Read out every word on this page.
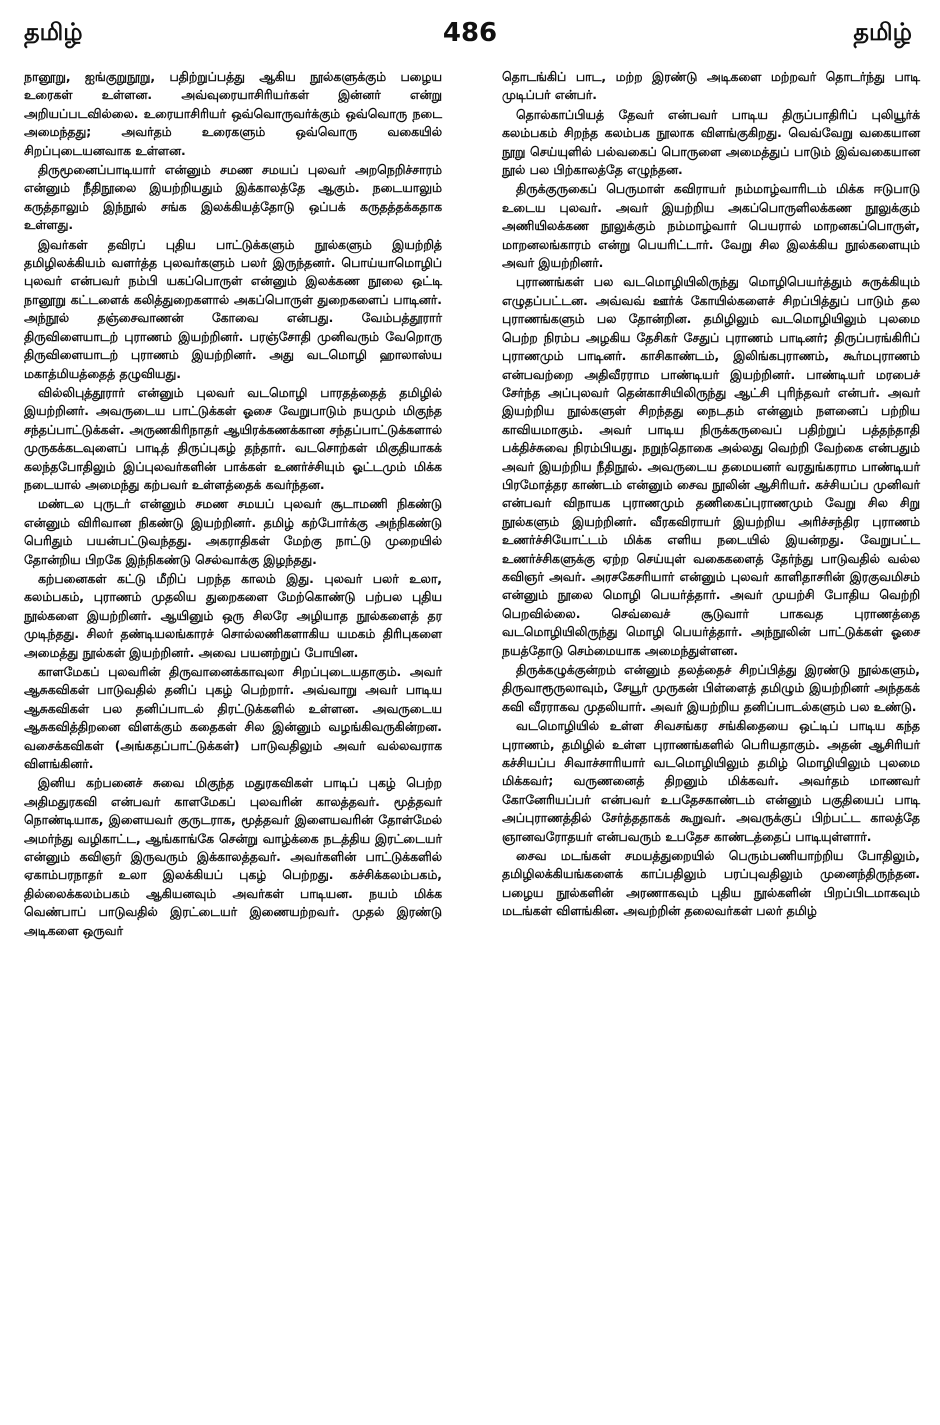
தமிழ்	486	தமிழ்

நானூறு, ஐங்குறுநூறு, பதிற்றுப்பத்து ஆகிய நூல்களுக்கும் பழைய உரைகள் உள்ளன. அவ்வுரையாசிரியர்கள் இன்னர் என்று அறியப்படவில்லை. உரையாசிரியர் ஒவ்வொருவர்க்கும் ஒவ்வொரு நடை அமைந்தது; அவர்தம் உரைகளும் ஒவ்வொரு வகையில் சிறப்புடையனவாக உள்ளன.

திருமூனைப்பாடியார் என்னும் சமண சமயப் புலவர் அறநெறிச்சாரம் என்னும் நீதிநூலை இயற்றியதும் இக்காலத்தே ஆகும். நடையாலும் கருத்தாலும் இந்நூல் சங்க இலக்கியத்தோடு ஒப்பக் கருதத்தக்கதாக உள்ளது.

இவர்கள் தவிரப் புதிய பாட்டுக்களும் நூல்களும் இயற்றித் தமிழிலக்கியம் வளர்த்த புலவர்களும் பலர் இருந்தனர். பொய்யாமொழிப் புலவர் என்பவர் நம்பி யகப்பொருள் என்னும் இலக்கண நூலை ஒட்டி நானூறு கட்டளைக் கலித்துறைகளால் அகப்பொருள் துறைகளைப் பாடினர். அந்நூல் தஞ்சைவாணன் கோவை என்பது. வேம்பத்தூரார் திருவிளையாடற் புராணம் இயற்றினர். பரஞ்சோதி முனிவரும் வேறொரு திருவிளையாடற் புராணம் இயற்றினர். அது வடமொழி ஹாலாஸ்ய மகாத்மியத்தைத் தழுவியது.

வில்லிபுத்தூரார் என்னும் புலவர் வடமொழி பாரதத்தைத் தமிழில் இயற்றினர். அவருடைய பாட்டுக்கள் ஓசை வேறுபாடும் நயமும் மிகுந்த சந்தப்பாட்டுக்கள். அருணகிரிநாதர் ஆயிரக்கணக்கான சந்தப்பாட்டுக்களால் முருகக்கடவுளைப் பாடித் திருப்புகழ் தந்தார். வடசொற்கள் மிகுதியாகக் கலந்தபோதிலும் இப்புலவர்களின் பாக்கள் உணர்ச்சியும் ஓட்டமும் மிக்க நடையால் அமைந்து கற்பவர் உள்ளத்தைக் கவர்ந்தன.

மண்டல புருடர் என்னும் சமண சமயப் புலவர் சூடாமணி நிகண்டு என்னும் விரிவான நிகண்டு இயற்றினர். தமிழ் கற்போர்க்கு அந்நிகண்டு பெரிதும் பயன்பட்டுவந்தது. அகராதிகள் மேற்கு நாட்டு முறையில் தோன்றிய பிறகே இந்நிகண்டு செல்வாக்கு இழந்தது.

கற்பனைகள் கட்டு மீறிப் பறந்த காலம் இது. புலவர் பலர் உலா, கலம்பகம், புராணம் முதலிய துறைகளை மேற்கொண்டு பற்பல புதிய நூல்களை இயற்றினர். ஆயினும் ஒரு சிலரே அழியாத நூல்களைத் தர முடிந்தது. சிலர் தண்டியலங்காரச் சொல்லணிகளாகிய யமகம் திரிபுகளை அமைத்து நூல்கள் இயற்றினர். அவை பயனற்றுப் போயின.

காளமேகப் புலவரின் திருவானைக்காவுலா சிறப்புடையதாகும். அவர் ஆசுகவிகள் பாடுவதில் தனிப் புகழ் பெற்றார். அவ்வாறு அவர் பாடிய ஆசுகவிகள் பல தனிப்பாடல் திரட்டுக்களில் உள்ளன. அவருடைய ஆசுகவித்திறனை விளக்கும் கதைகள் சில இன்னும் வழங்கிவருகின்றன. வசைக்கவிகள் (அங்கதப்பாட்டுக்கள்) பாடுவதிலும் அவர் வல்லவராக விளங்கினர்.

இனிய கற்பனைச் சுவை மிகுந்த மதுரகவிகள் பாடிப் புகழ் பெற்ற அதிமதுரகவி என்பவர் காளமேகப் புலவரின் காலத்தவர். மூத்தவர் நொண்டியாக, இளையவர் குருடராக, மூத்தவர் இளையவரின் தோள்மேல் அமர்ந்து வழிகாட்ட, ஆங்காங்கே சென்று வாழ்க்கை நடத்திய இரட்டையர் என்னும் கவிஞர் இருவரும் இக்காலத்தவர். அவர்களின் பாட்டுக்களில் ஏகாம்பரநாதர் உலா இலக்கியப் புகழ் பெற்றது. கச்சிக்கலம்பகம், தில்லைக்கலம்பகம் ஆகியனவும் அவர்கள் பாடியன. நயம் மிக்க வெண்பாப் பாடுவதில் இரட்டையர் இணையற்றவர். முதல் இரண்டு அடிகளை ஒருவர்

தொடங்கிப் பாட, மற்ற இரண்டு அடிகளை மற்றவர் தொடர்ந்து பாடி முடிப்பர் என்பர்.

தொல்காப்பியத் தேவர் என்பவர் பாடிய திருப்பாதிரிப் புலியூர்க் கலம்பகம் சிறந்த கலம்பக நூலாக விளங்குகிறது. வெவ்வேறு வகையான நூறு செய்யுளில் பல்வகைப் பொருளை அமைத்துப் பாடும் இவ்வகையான நூல் பல பிற்காலத்தே எழுந்தன.

திருக்குருகைப் பெருமாள் கவிராயர் நம்மாழ்வாரிடம் மிக்க ஈடுபாடு உடைய புலவர். அவர் இயற்றிய அகப்பொருளிலக்கண நூலுக்கும் அணியிலக்கண நூலுக்கும் நம்மாழ்வார் பெயரால் மாறனகப்பொருள், மாறனலங்காரம் என்று பெயரிட்டார். வேறு சில இலக்கிய நூல்களையும் அவர் இயற்றினர்.

புராணங்கள் பல வடமொழியிலிருந்து மொழிபெயர்த்தும் சுருக்கியும் எழுதப்பட்டன. அவ்வவ் ஊர்க் கோயில்களைச் சிறப்பித்துப் பாடும் தல புராணங்களும் பல தோன்றின. தமிழிலும் வடமொழியிலும் புலமை பெற்ற நிரம்ப அழகிய தேசிகர் சேதுப் புராணம் பாடினர்; திருப்பரங்கிரிப் புராணமும் பாடினர். காசிகாண்டம், இலிங்கபுராணம், கூர்மபுராணம் என்பவற்றை அதிவீரராம பாண்டியர் இயற்றினர். பாண்டியர் மரபைச் சேர்ந்த அப்புலவர் தென்காசியிலிருந்து ஆட்சி புரிந்தவர் என்பர். அவர் இயற்றிய நூல்களுள் சிறந்தது நைடதம் என்னும் நளனைப் பற்றிய காவியமாகும். அவர் பாடிய நிருக்கருவைப் பதிற்றுப் பத்தந்தாதி பக்திச்சுவை நிரம்பியது. நறுந்தொகை அல்லது வெற்றி வேற்கை என்பதும் அவர் இயற்றிய நீதிநூல். அவருடைய தமையனர் வரதுங்கராம பாண்டியர் பிரமோத்தர காண்டம் என்னும் சைவ நூலின் ஆசிரியர். கச்சியப்ப முனிவர் என்பவர் விநாயக புராணமும் தணிகைப்புராணமும் வேறு சில சிறு நூல்களும் இயற்றினர். வீரகவிராயர் இயற்றிய அரிச்சந்திர புராணம் உணர்ச்சியோட்டம் மிக்க எளிய நடையில் இயன்றது. வேறுபட்ட உணர்ச்சிகளுக்கு ஏற்ற செய்யுள் வகைகளைத் தேர்ந்து பாடுவதில் வல்ல கவிஞர் அவர். அரசகேசரியார் என்னும் புலவர் காளிதாசரின் இரகுவமிசம் என்னும் நூலை மொழி பெயர்த்தார். அவர் முயற்சி போதிய வெற்றி பெறவில்லை. செவ்வைச் சூடுவார் பாகவத புராணத்தை வடமொழியிலிருந்து மொழி பெயர்த்தார். அந்நூலின் பாட்டுக்கள் ஓசை நயத்தோடு செம்மையாக அமைந்துள்ளன.

திருக்கழுக்குன்றம் என்னும் தலத்தைச் சிறப்பித்து இரண்டு நூல்களும், திருவாரூருலாவும், சேயூர் முருகன் பிள்ளைத் தமிழும் இயற்றினர் அந்தகக் கவி வீரராகவ முதலியார். அவர் இயற்றிய தனிப்பாடல்களும் பல உண்டு.

வடமொழியில் உள்ள சிவசங்கர சங்கிதையை ஒட்டிப் பாடிய கந்த புராணம், தமிழில் உள்ள புராணங்களில் பெரியதாகும். அதன் ஆசிரியர் கச்சியப்ப சிவாச்சாரியார் வடமொழியிலும் தமிழ் மொழியிலும் புலமை மிக்கவர்; வருணனைத் திறனும் மிக்கவர். அவர்தம் மாணவர் கோனேரியப்பர் என்பவர் உபதேசகாண்டம் என்னும் பகுதியைப் பாடி அப்புராணத்தில் சேர்த்ததாகக் கூறுவர். அவருக்குப் பிற்பட்ட காலத்தே ஞானவரோதயர் என்பவரும் உபதேச காண்டத்தைப் பாடியுள்ளார்.

சைவ மடங்கள் சமயத்துறையில் பெரும்பணியாற்றிய போதிலும், தமிழிலக்கியங்களைக் காப்பதிலும் பரப்புவதிலும் முனைந்திருந்தன. பழைய நூல்களின் அரணாகவும் புதிய நூல்களின் பிறப்பிடமாகவும் மடங்கள் விளங்கின. அவற்றின் தலைவர்கள் பலர் தமிழ்
